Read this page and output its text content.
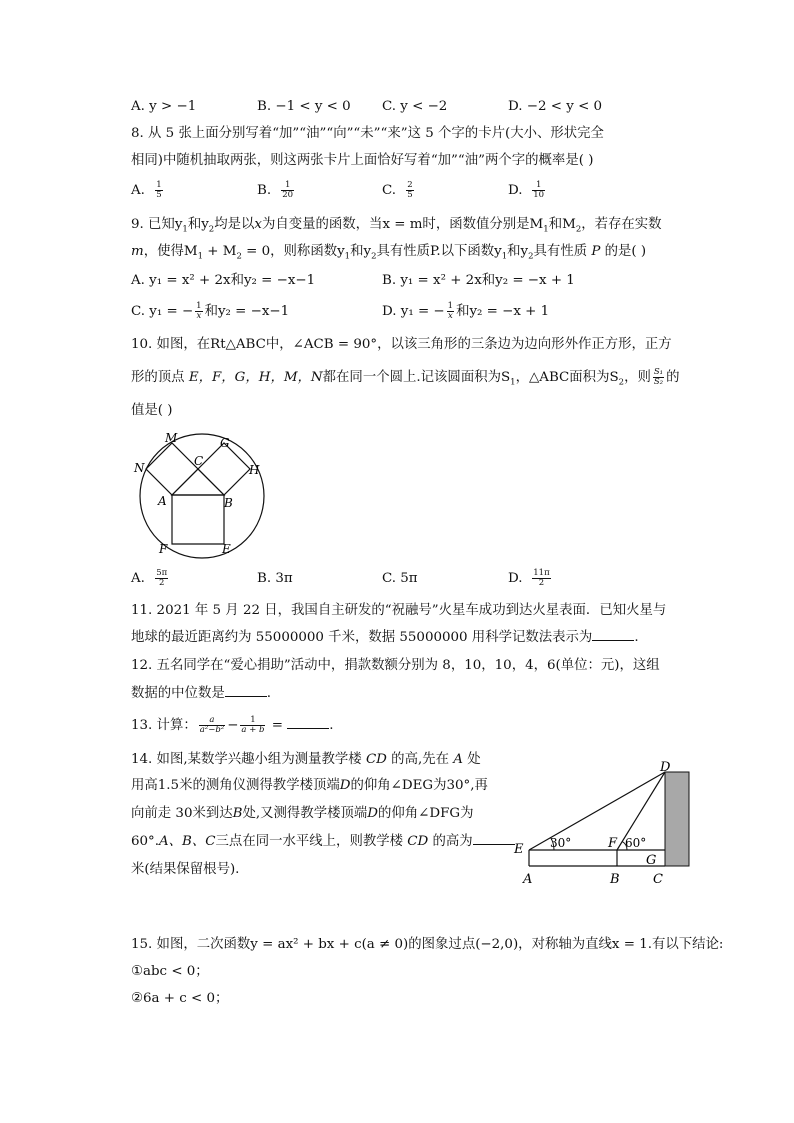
A. y > −1	B. −1 < y < 0 C. y < −2	D. −2 < y < 0
8. 从 5 张上面分别写着“加”“油”“向”“未”“来”这 5 个字的卡片(大小、形状完全
相同)中随机抽取两张，则这两张卡片上面恰好写着“加”“油”两个字的概率是( )
A. $\frac{1}{5}$	B. $\frac{1}{20}$	C. $\frac{2}{5}$	D. $\frac{1}{10}$
9. 已知$y_1$和$y_2$均是以x为自变量的函数，当x = m时，函数值分别是$M_1$和$M_2$，若存在实数
m，使得$M_1 + M_2 = 0$，则称函数$y_1$和$y_2$具有性质P.以下函数$y_1$和$y_2$具有性质 P 的是( )
A. y₁ = x² + 2x和y₂ = −x−1	B. y₁ = x² + 2x和y₂ = −x + 1
C. y₁ = − $\frac{1}{x}$ 和y₂ = −x−1	D. y₁ = − $\frac{1}{x}$ 和y₂ = −x + 1
10. 如图，在Rt△ABC中，∠ACB = 90°，以该三角形的三条边为边向形外作正方形，正方
形的顶点 E，F，G，H，M，N都在同一个圆上.记该圆面积为$S_1$，△ABC面积为$S_2$，则 $\frac{\text{S₁}}{\text{S₂}}$ 的
值是( )
M	G
C
N	H
A	B
F	E
A. $\frac{5\pi}{2}$	B. 3π	C. 5π	D. $\frac{11\pi}{2}$
11. 2021 年 5 月 22 日，我国自主研发的“祝融号”火星车成功到达火星表面．已知火星与
地球的最近距离约为 55000000 千米，数据 55000000 用科学记数法表示为	.
12. 五名同学在“爱心捐助”活动中，捐款数额分别为 8，10，10，4，6(单位：元)，这组
数据的中位数是	.
13. 计算： $\frac{a}{\text{a²−b²}} - \frac{1}{a + b}$ =	.
14. 如图,某数学兴趣小组为测量教学楼 CD 的高,先在 A 处
用高1.5米的测角仪测得教学楼顶端D的仰角∠DEG为30°,再
向前走 30米到达B处,又测得教学楼顶端D的仰角∠DFG为
60°.A、B、C三点在同一水平线上，则教学楼 CD 的高为
米(结果保留根号).
D
E	F
G
A	B	C
30°	60°
15. 如图，二次函数y = ax² + bx + c(a ≠ 0)的图象过点(−2,0)，对称轴为直线x = 1.有以下结论:
①abc < 0；
②6a + c < 0；
